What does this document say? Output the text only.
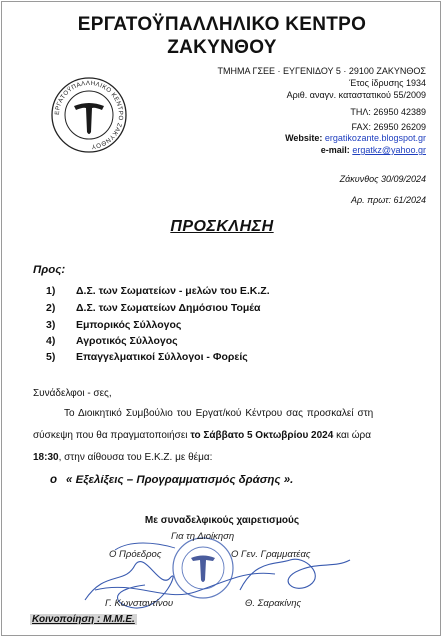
ΕΡΓΑΤΟΫΠΑΛΛΗΛΙΚΟ ΚΕΝΤΡΟ
ΖΑΚΥΝΘΟΥ
ΕΡΓΑΤΟΫΠΑΛΛΗΛΙΚΟ ΚΕΝΤΡΟ ΖΑΚΥΝΘΟΥ
ΤΜΗΜΑ ΓΣΕΕ · ΕΥΓΕΝΙΔΟΥ 5 · 29100 ΖΑΚΥΝΘΟΣ
Έτος ίδρυσης 1934
Αριθ. αναγν. καταστατικού 55/2009
ΤΗΛ: 26950 42389
FAX: 26950 26209
Website: ergatikozante.blogspot.gr
e-mail: ergatkz@yahoo.gr
Ζάκυνθος 30/09/2024
Αρ. πρωτ: 61/2024
ΠΡΟΣΚΛΗΣΗ
Προς:
1) Δ.Σ. των Σωματείων - μελών του Ε.Κ.Ζ.
2) Δ.Σ. των Σωματείων Δημόσιου Τομέα
3) Εμπορικός Σύλλογος
4) Αγροτικός Σύλλογος
5) Επαγγελματικοί Σύλλογοι - Φορείς
Συνάδελφοι - σες,
Το Διοικητικό Συμβούλιο του Εργατ/κού Κέντρου σας προσκαλεί στη
σύσκεψη που θα πραγματοποιήσει το Σάββατο 5 Οκτωβρίου 2024 και ώρα
18:30, στην αίθουσα του Ε.Κ.Ζ. με θέμα:
o « Εξελίξεις – Προγραμματισμός δράσης ».
Με συναδελφικούς χαιρετισμούς
Για τη Διοίκηση
Ο Πρόεδρος	Ο Γεν. Γραμματέας
Γ. Κωνσταντίνου	Θ. Σαρακίνης
Κοινοποίηση : Μ.Μ.Ε.
